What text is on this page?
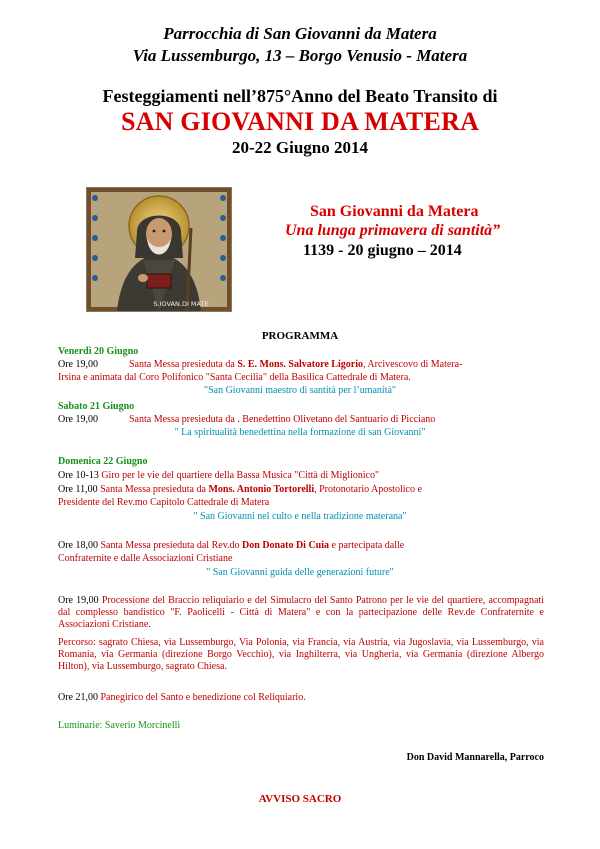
Parrocchia di San Giovanni da Matera
Via Lussemburgo, 13 – Borgo Venusio - Matera
Festeggiamenti nell’875°Anno del Beato Transito di
SAN GIOVANNI DA MATERA
20-22 Giugno 2014
S.IOVAN.DI MATE
San Giovanni da Matera
Una lunga primavera di santità”
1139 - 20 giugno – 2014
PROGRAMMA
Venerdì 20 Giugno
Ore 19,00	Santa Messa presieduta da S. E. Mons. Salvatore Ligorio, Arcivescovo di Matera-
Irsina e animata dal Coro Polifonico "Santa Cecilia" della Basilica Cattedrale di Matera.
"San Giovanni maestro di santità per l’umanità"
Sabato 21 Giugno
Ore 19,00	Santa Messa presieduta da . Benedettino Olivetano del Santuario di Picciano
" La spiritualità benedettina nella formazione di san Giovanni"
Domenica 22 Giugno
Ore 10-13 Giro per le vie del quartiere della Bassa Musica "Città di Miglionico"
Ore 11,00 Santa Messa presieduta da Mons. Antonio Tortorelli, Protonotario Apostolico e
Presidente del Rev.mo Capitolo Cattedrale di Matera
" San Giovanni nel culto e nella tradizione materana"
Ore 18,00 Santa Messa presieduta dal Rev.do Don Donato Di Cuia e partecipata dalle
Confraternite e dalle Associazioni Cristiane
" San Giovanni guida delle generazioni future"
Ore 19,00 Processione del Braccio reliquiario e del Simulacro del Santo Patrono per le vie del quartiere, accompagnati dal complesso bandistico "F. Paolicelli - Città di Matera" e con la partecipazione delle Rev.de Confraternite e Associazioni Cristiane.
Percorso: sagrato Chiesa, via Lussemburgo, Via Polonia, via Francia, via Austria, via Jugoslavia, via Lussemburgo, via Romania, via Germania (direzione Borgo Vecchio), via Inghilterra, via Ungheria, via Germania (direzione Albergo Hilton), via Lussemburgo, sagrato Chiesa.
Ore 21,00 Panegirico del Santo e benedizione col Reliquiario.
Luminarie: Saverio Morcinelli
Don David Mannarella, Parroco
AVVISO SACRO
